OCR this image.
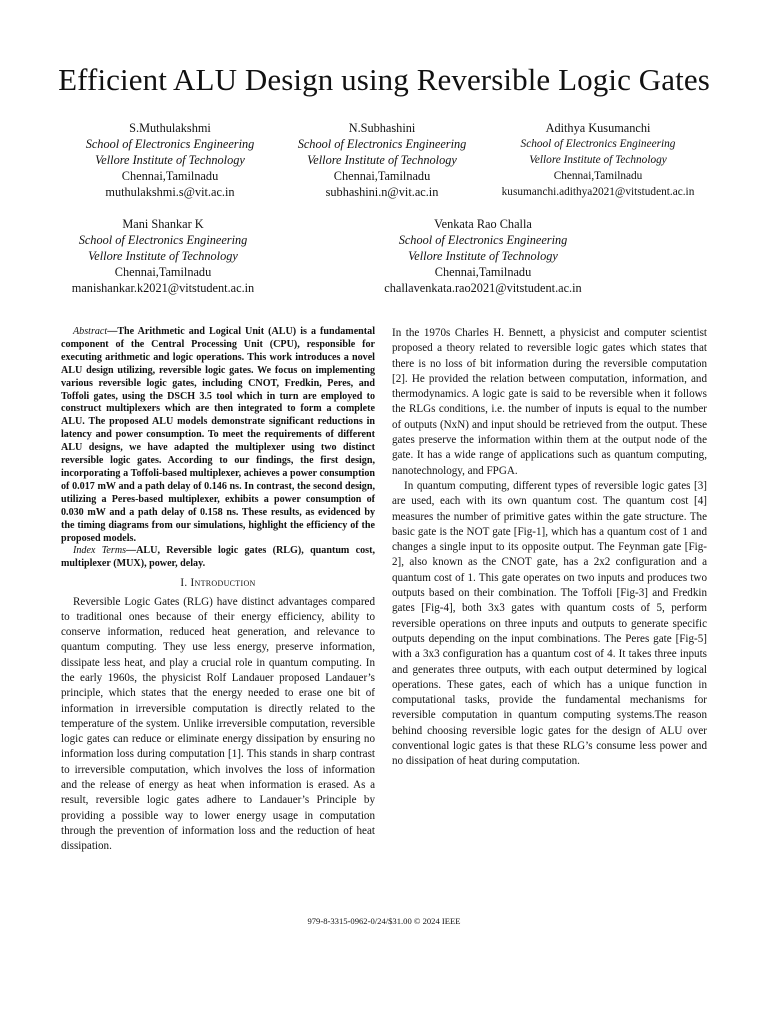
Efficient ALU Design using Reversible Logic Gates
S.Muthulakshmi
School of Electronics Engineering
Vellore Institute of Technology
Chennai,Tamilnadu
muthulakshmi.s@vit.ac.in
N.Subhashini
School of Electronics Engineering
Vellore Institute of Technology
Chennai,Tamilnadu
subhashini.n@vit.ac.in
Adithya Kusumanchi
School of Electronics Engineering
Vellore Institute of Technology
Chennai,Tamilnadu
kusumanchi.adithya2021@vitstudent.ac.in
Mani Shankar K
School of Electronics Engineering
Vellore Institute of Technology
Chennai,Tamilnadu
manishankar.k2021@vitstudent.ac.in
Venkata Rao Challa
School of Electronics Engineering
Vellore Institute of Technology
Chennai,Tamilnadu
challavenkata.rao2021@vitstudent.ac.in

Abstract—The Arithmetic and Logical Unit (ALU) is a fundamental component of the Central Processing Unit (CPU), responsible for executing arithmetic and logic operations. This work introduces a novel ALU design utilizing, reversible logic gates. We focus on implementing various reversible logic gates, including CNOT, Fredkin, Peres, and Toffoli gates, using the DSCH 3.5 tool which in turn are employed to construct multiplexers which are then integrated to form a complete ALU. The proposed ALU models demonstrate significant reductions in latency and power consumption. To meet the requirements of different ALU designs, we have adapted the multiplexer using two distinct reversible logic gates. According to our findings, the first design, incorporating a Toffoli-based multiplexer, achieves a power consumption of 0.017 mW and a path delay of 0.146 ns. In contrast, the second design, utilizing a Peres-based multiplexer, exhibits a power consumption of 0.030 mW and a path delay of 0.158 ns. These results, as evidenced by the timing diagrams from our simulations, highlight the efficiency of the proposed models.

Index Terms—ALU, Reversible logic gates (RLG), quantum cost, multiplexer (MUX), power, delay.

I. Introduction

Reversible Logic Gates (RLG) have distinct advantages compared to traditional ones because of their energy efficiency, ability to conserve information, reduced heat generation, and relevance to quantum computing. They use less energy, preserve information, dissipate less heat, and play a crucial role in quantum computing. In the early 1960s, the physicist Rolf Landauer proposed Landauer’s principle, which states that the energy needed to erase one bit of information in irreversible computation is directly related to the temperature of the system. Unlike irreversible computation, reversible logic gates can reduce or eliminate energy dissipation by ensuring no information loss during computation [1]. This stands in sharp contrast to irreversible computation, which involves the loss of information and the release of energy as heat when information is erased. As a result, reversible logic gates adhere to Landauer’s Principle by providing a possible way to lower energy usage in computation through the prevention of information loss and the reduction of heat dissipation.

In the 1970s Charles H. Bennett, a physicist and computer scientist proposed a theory related to reversible logic gates which states that there is no loss of bit information during the reversible computation [2]. He provided the relation between computation, information, and thermodynamics. A logic gate is said to be reversible when it follows the RLGs conditions, i.e. the number of inputs is equal to the number of outputs (NxN) and input should be retrieved from the output. These gates preserve the information within them at the output node of the gate. It has a wide range of applications such as quantum computing, nanotechnology, and FPGA.

In quantum computing, different types of reversible logic gates [3] are used, each with its own quantum cost. The quantum cost [4] measures the number of primitive gates within the gate structure. The basic gate is the NOT gate [Fig-1], which has a quantum cost of 1 and changes a single input to its opposite output. The Feynman gate [Fig-2], also known as the CNOT gate, has a 2x2 configuration and a quantum cost of 1. This gate operates on two inputs and produces two outputs based on their combination. The Toffoli [Fig-3] and Fredkin gates [Fig-4], both 3x3 gates with quantum costs of 5, perform reversible operations on three inputs and outputs to generate specific outputs depending on the input combinations. The Peres gate [Fig-5] with a 3x3 configuration has a quantum cost of 4. It takes three inputs and generates three outputs, with each output determined by logical operations. These gates, each of which has a unique function in computational tasks, provide the fundamental mechanisms for reversible computation in quantum computing systems.The reason behind choosing reversible logic gates for the design of ALU over conventional logic gates is that these RLG’s consume less power and no dissipation of heat during computation.

979-8-3315-0962-0/24/$31.00 © 2024 IEEE
